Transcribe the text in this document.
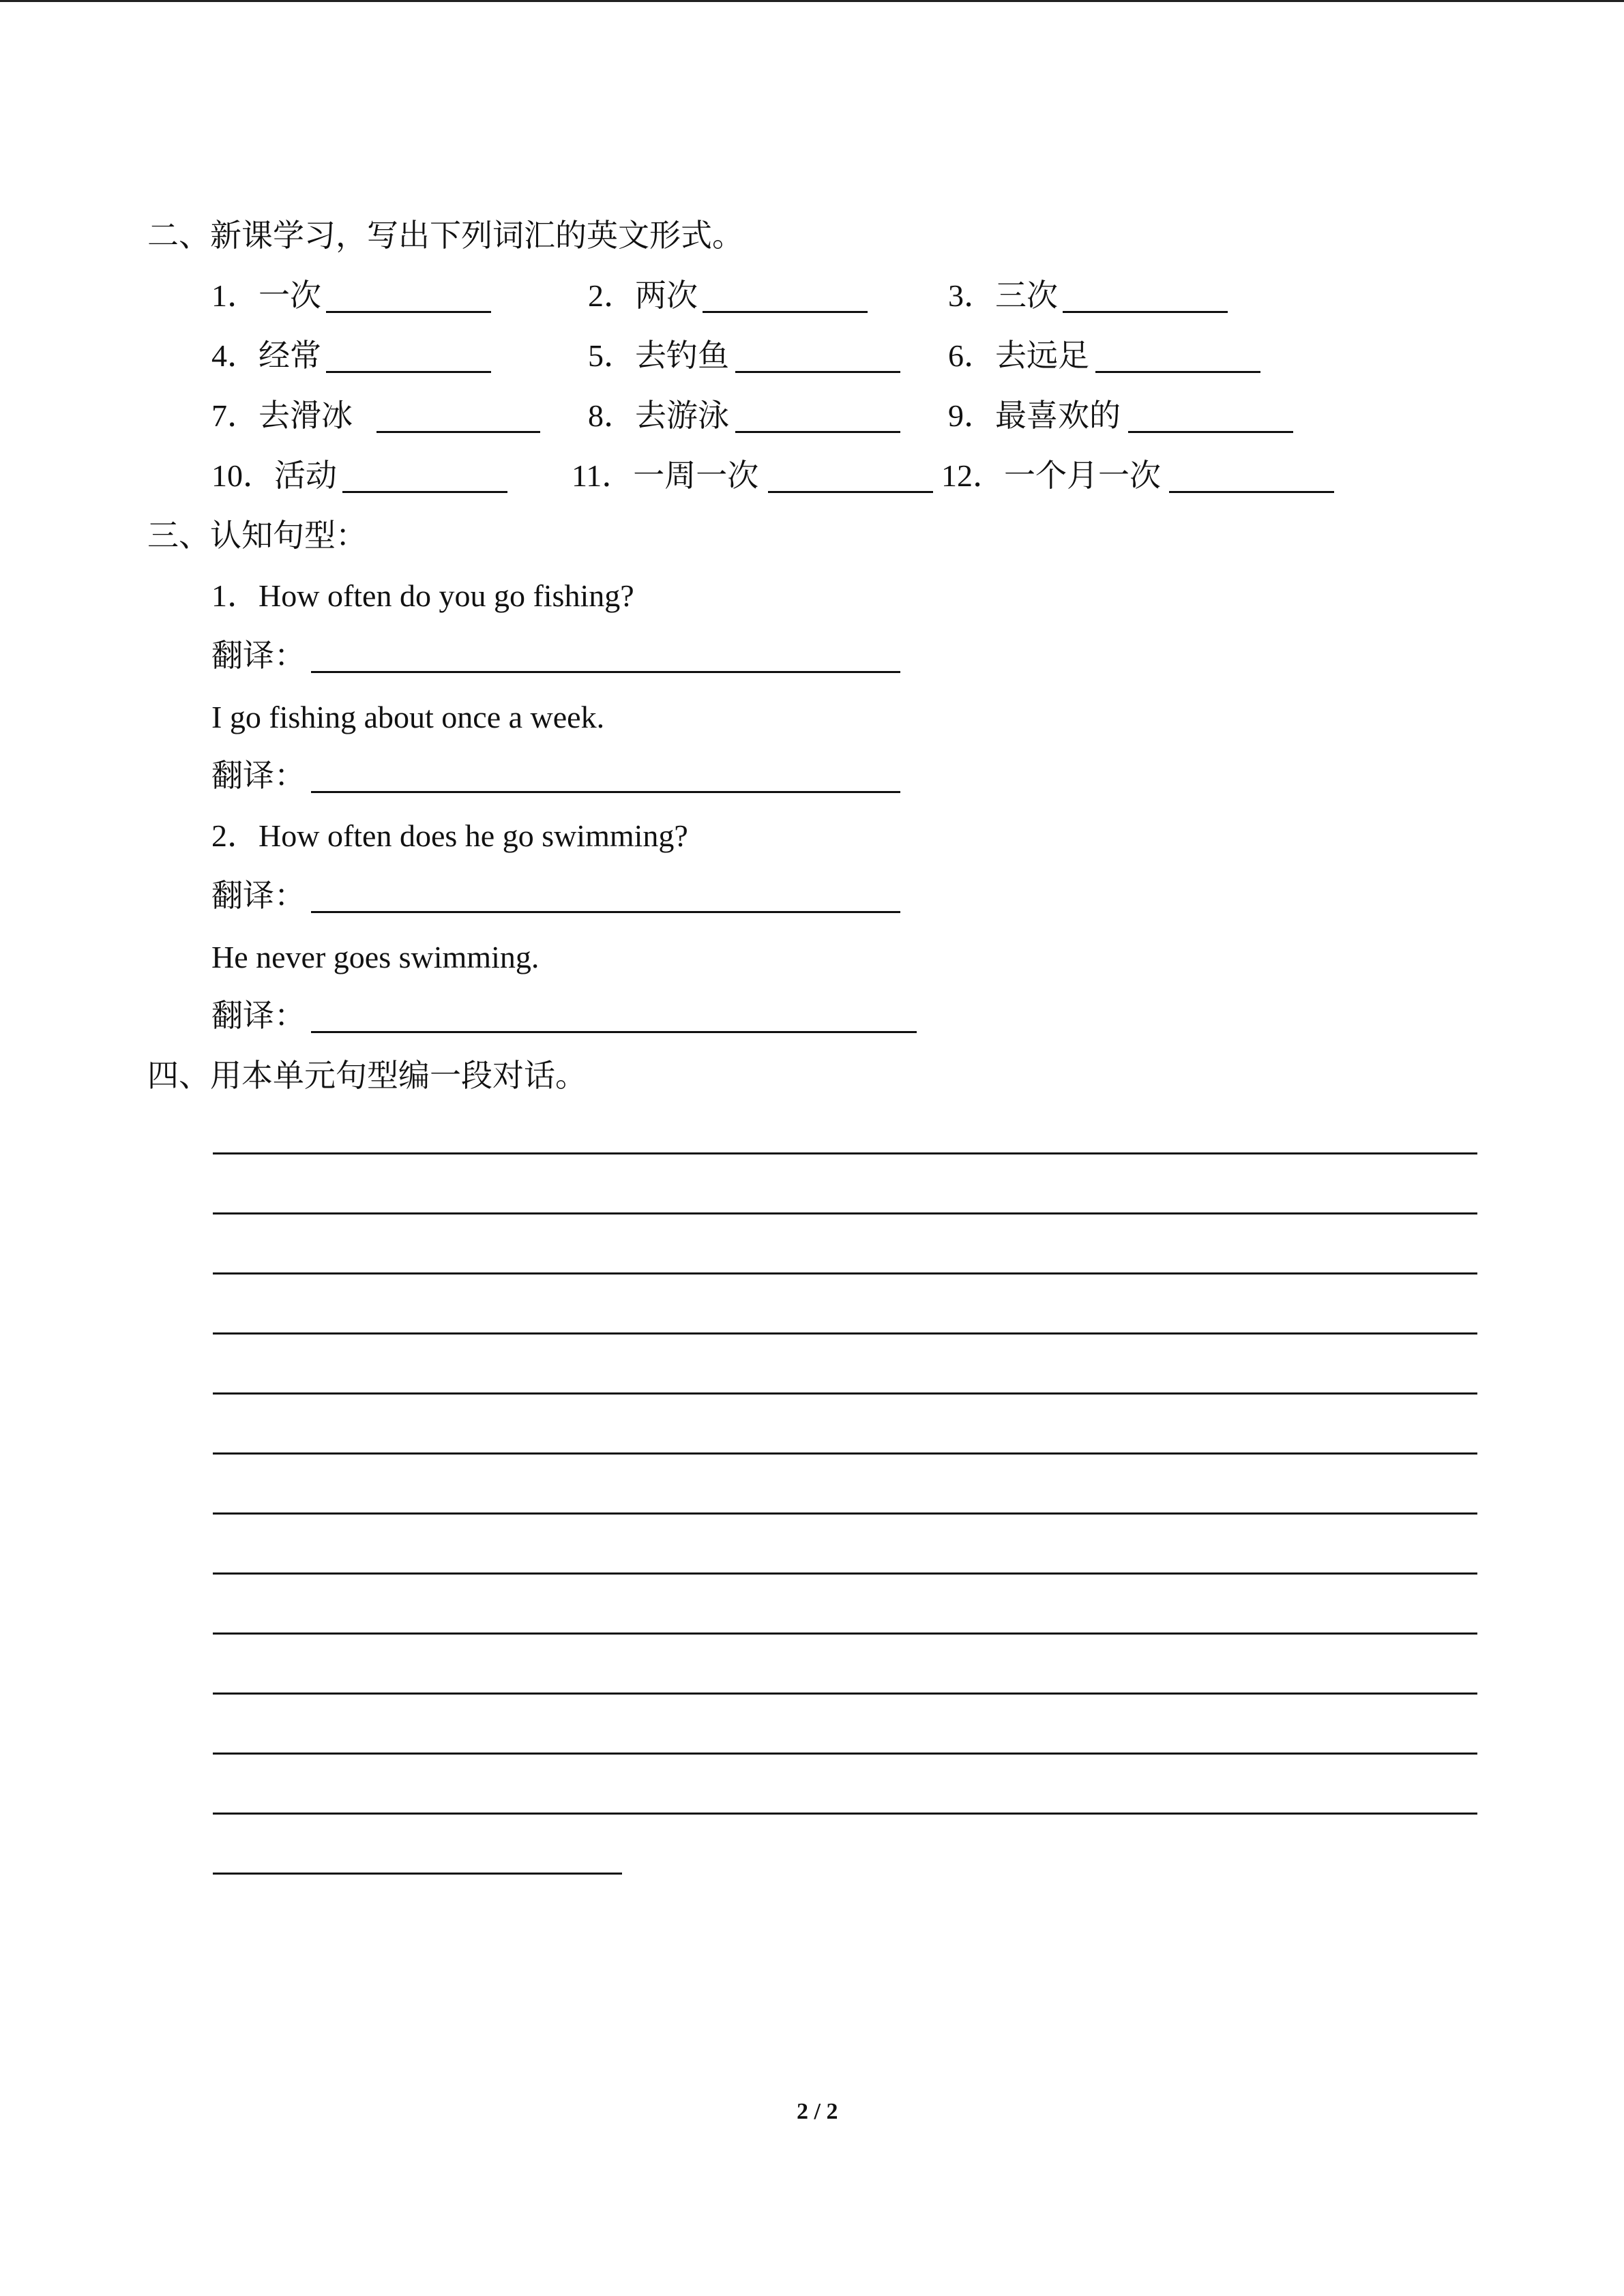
二、新课学习，写出下列词汇的英文形式。
1．一次	2．两次	3．三次
4．经常	5．去钓鱼	6．去远足
7．去滑冰	8．去游泳	9．最喜欢的
10．活动	11．一周一次	12．一个月一次
三、认知句型：
1．How often do you go fishing?
翻译：
I go fishing about once a week.
翻译：
2．How often does he go swimming?
翻译：
He never goes swimming.
翻译：
四、用本单元句型编一段对话。
2 / 2
